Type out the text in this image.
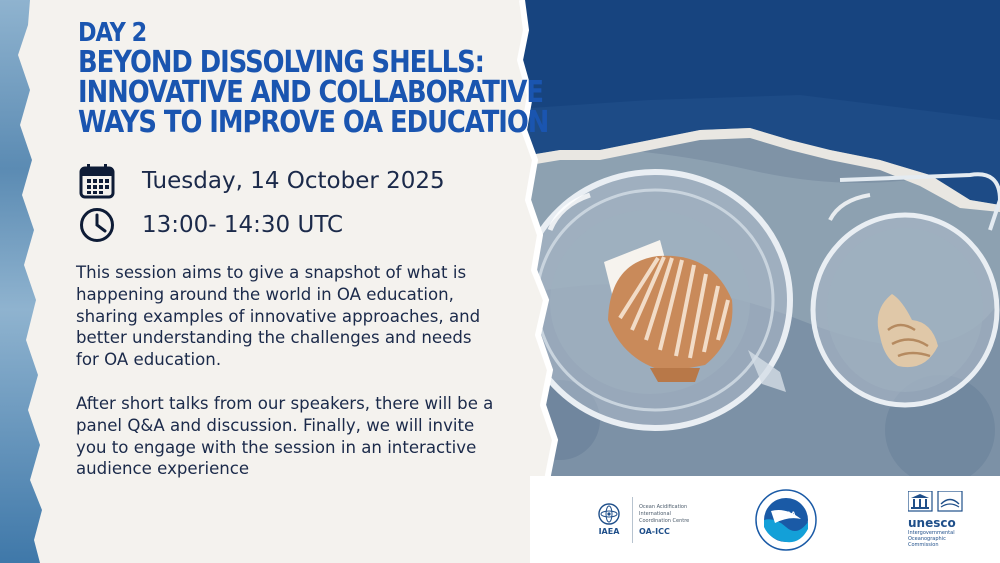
DAY 2
BEYOND DISSOLVING SHELLS:
INNOVATIVE AND COLLABORATIVE
WAYS TO IMPROVE OA EDUCATION
Tuesday, 14 October 2025
13:00- 14:30 UTC

This session aims to give a snapshot of what is happening around the world in OA education, sharing examples of innovative approaches, and better understanding the challenges and needs for OA education.

After short talks from our speakers, there will be a panel Q&A and discussion. Finally, we will invite you to engage with the session in an interactive audience experience

IAEA
Ocean Acidification
International
Coordination Centre
OA-ICC
NOAA
unesco
Intergovernmental
Oceanographic
Commission
